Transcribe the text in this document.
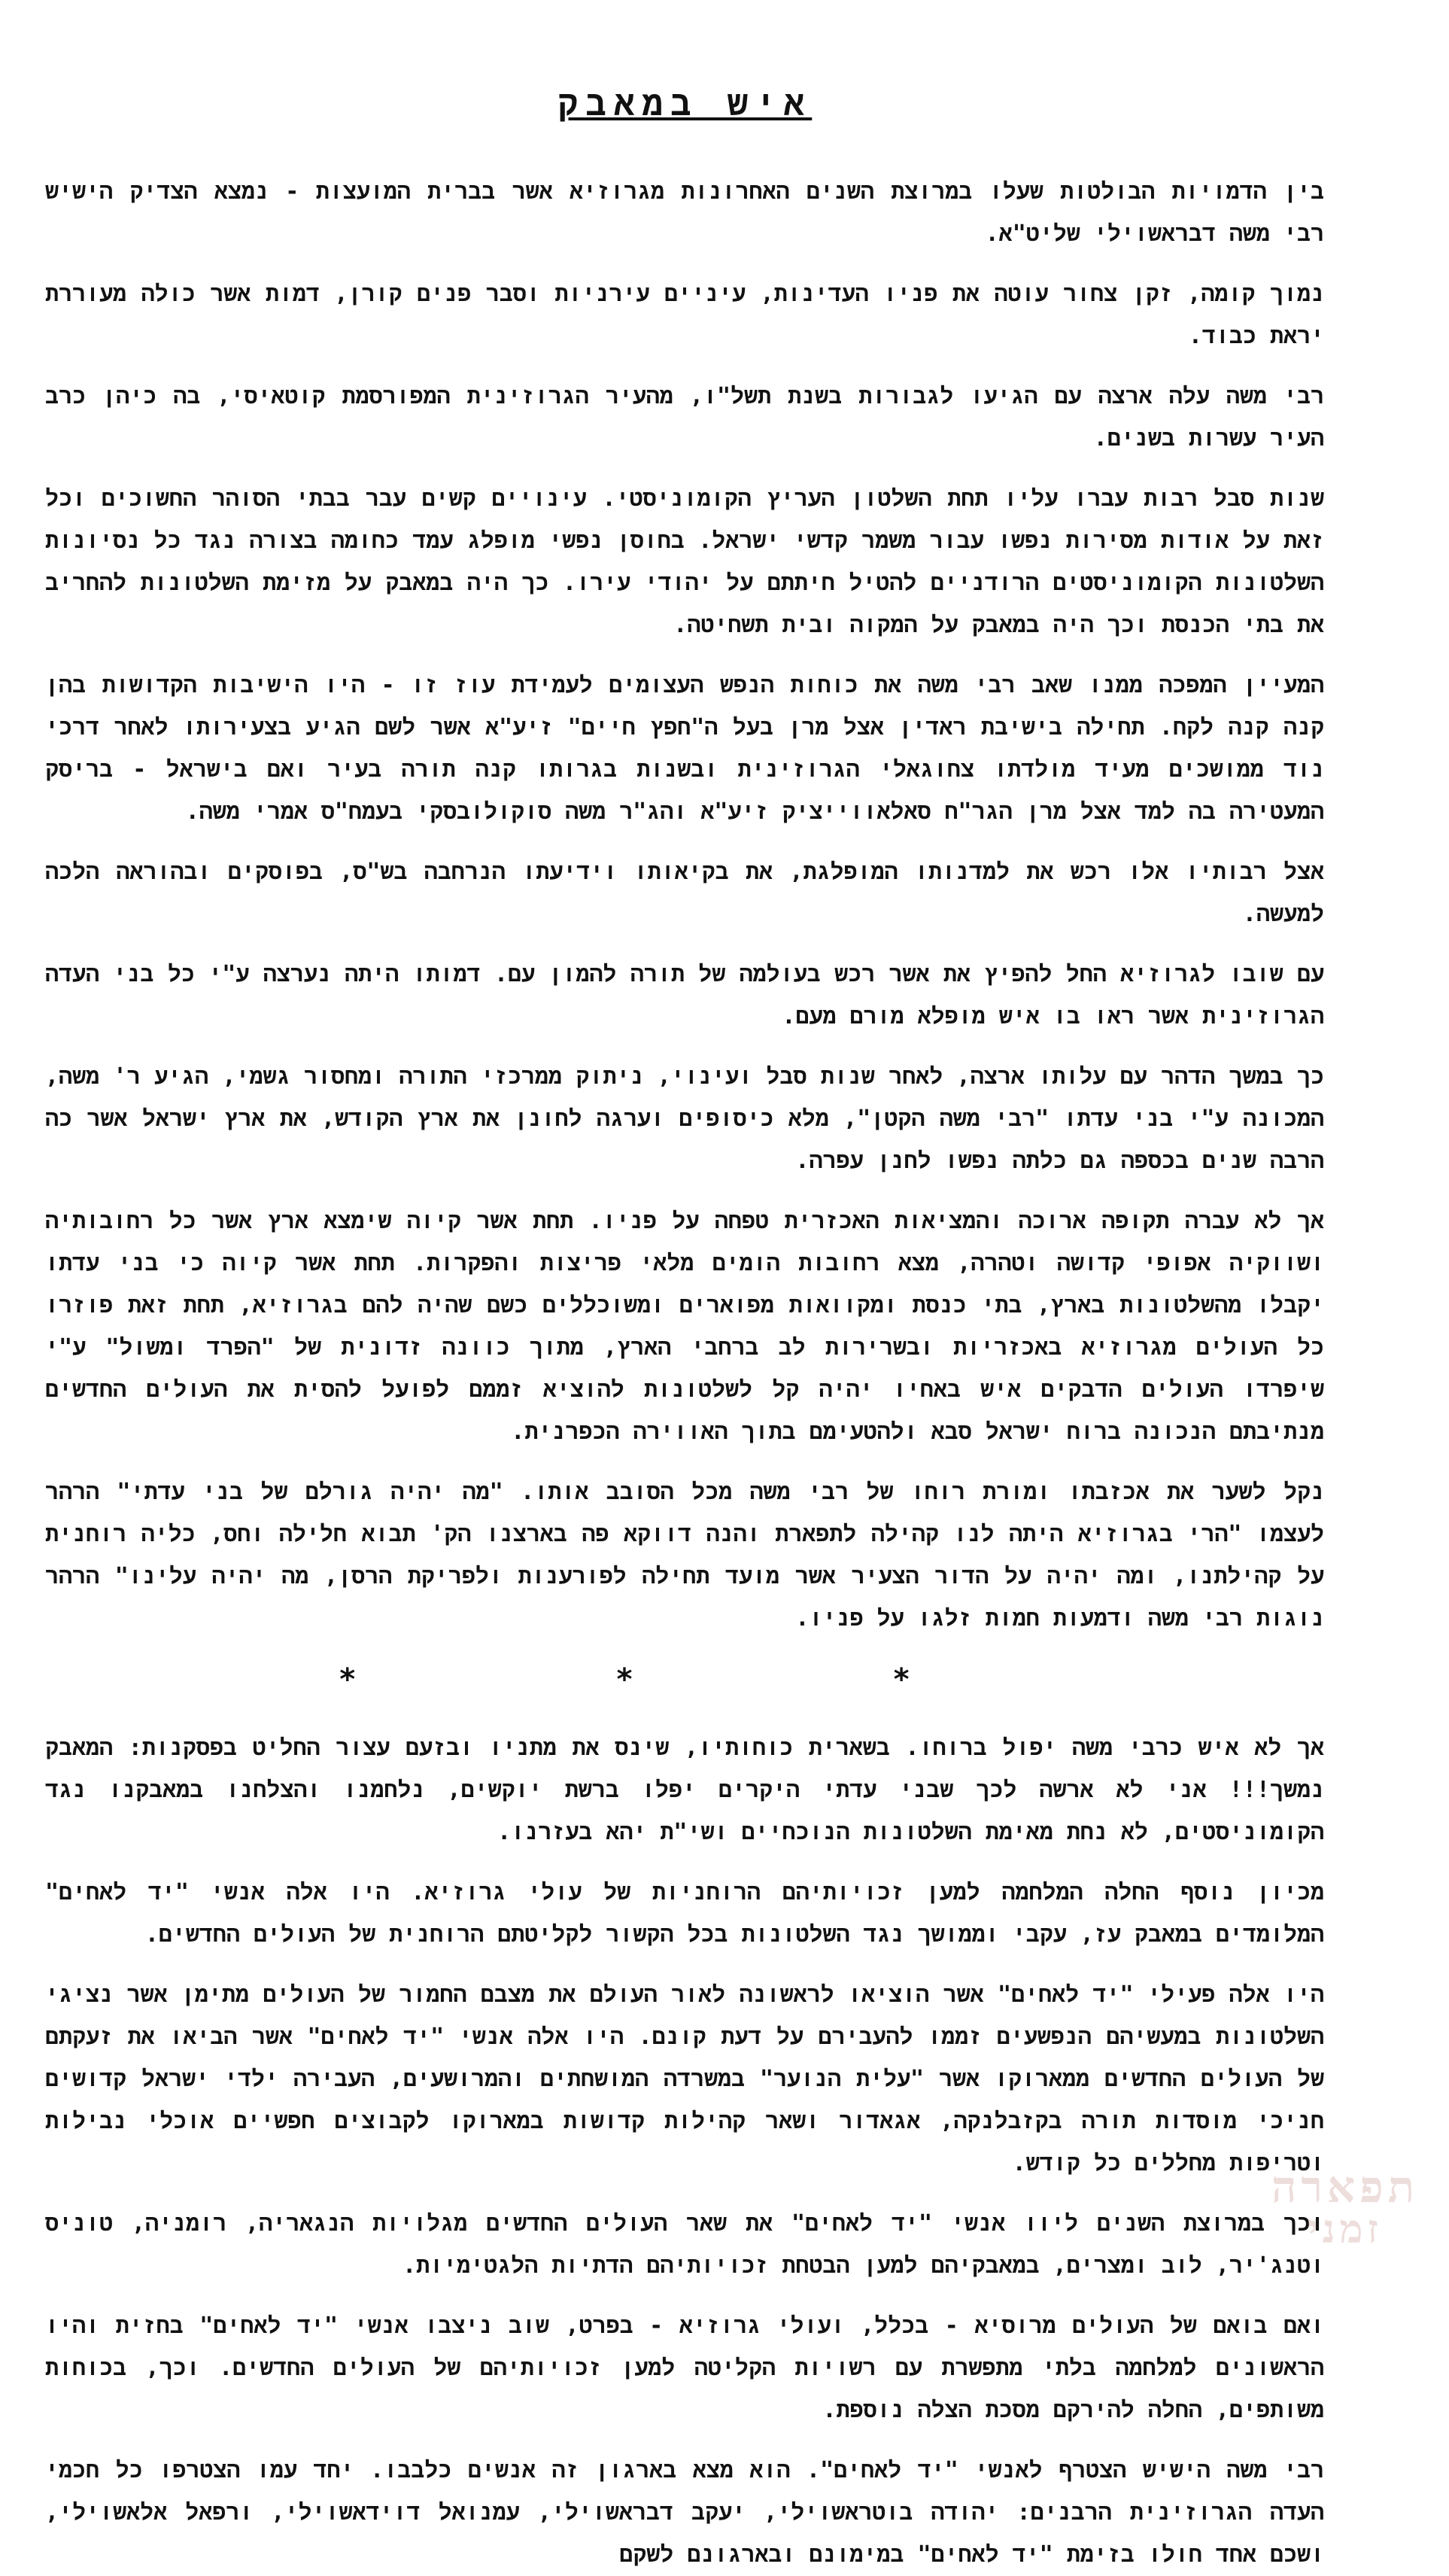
איש במאבק

בין הדמויות הבולטות שעלו במרוצת השנים האחרונות מגרוזיא אשר בברית המועצות - נמצא הצדיק הישיש רבי משה דבראשוילי שליט"א.

נמוך קומה, זקן צחור עוטה את פניו העדינות, עיניים עירניות וסבר פנים קורן, דמות אשר כולה מעוררת יראת כבוד.

רבי משה עלה ארצה עם הגיעו לגבורות בשנת תשל"ו, מהעיר הגרוזינית המפורסמת קוטאיסי, בה כיהן כרב העיר עשרות בשנים.

שנות סבל רבות עברו עליו תחת השלטון העריץ הקומוניסטי. עינויים קשים עבר בבתי הסוהר החשוכים וכל זאת על אודות מסירות נפשו עבור משמר קדשי ישראל. בחוסן נפשי מופלג עמד כחומה בצורה נגד כל נסיונות השלטונות הקומוניסטים הרודניים להטיל חיתתם על יהודי עירו. כך היה במאבק על מזימת השלטונות להחריב את בתי הכנסת וכך היה במאבק על המקוה ובית תשחיטה.

המעיין המפכה ממנו שאב רבי משה את כוחות הנפש העצומים לעמידת עוז זו - היו הישיבות הקדושות בהן קנה קנה לקח. תחילה בישיבת ראדין אצל מרן בעל ה"חפץ חיים" זיע"א אשר לשם הגיע בצעירותו לאחר דרכי נוד ממושכים מעיד מולדתו צחוגאלי הגרוזינית ובשנות בגרותו קנה תורה בעיר ואם בישראל - בריסק המעטירה בה למד אצל מרן הגר"ח סאלאווייציק זיע"א והג"ר משה סוקולובסקי בעמח"ס אמרי משה.

אצל רבותיו אלו רכש את למדנותו המופלגת, את בקיאותו וידיעתו הנרחבה בש"ס, בפוסקים ובהוראה הלכה למעשה.

עם שובו לגרוזיא החל להפיץ את אשר רכש בעולמה של תורה להמון עם. דמותו היתה נערצה ע"י כל בני העדה הגרוזינית אשר ראו בו איש מופלא מורם מעם.

כך במשך הדהר עם עלותו ארצה, לאחר שנות סבל ועינוי, ניתוק ממרכזי התורה ומחסור גשמי, הגיע ר' משה, המכונה ע"י בני עדתו "רבי משה הקטן", מלא כיסופים וערגה לחונן את ארץ הקודש, את ארץ ישראל אשר כה הרבה שנים בכספה גם כלתה נפשו לחנן עפרה.

אך לא עברה תקופה ארוכה והמציאות האכזרית טפחה על פניו. תחת אשר קיוה שימצא ארץ אשר כל רחובותיה ושווקיה אפופי קדושה וטהרה, מצא רחובות הומים מלאי פריצות והפקרות. תחת אשר קיוה כי בני עדתו יקבלו מהשלטונות בארץ, בתי כנסת ומקוואות מפוארים ומשוכללים כשם שהיה להם בגרוזיא, תחת זאת פוזרו כל העולים מגרוזיא באכזריות ובשרירות לב ברחבי הארץ, מתוך כוונה זדונית של "הפרד ומשול" ע"י שיפרדו העולים הדבקים איש באחיו יהיה קל לשלטונות להוציא זממם לפועל להסית את העולים החדשים מנתיבתם הנכונה ברוח ישראל סבא ולהטעימם בתוך האווירה הכפרנית.

נקל לשער את אכזבתו ומורת רוחו של רבי משה מכל הסובב אותו. "מה יהיה גורלם של בני עדתי" הרהר לעצמו "הרי בגרוזיא היתה לנו קהילה לתפארת והנה דווקא פה בארצנו הק' תבוא חלילה וחס, כליה רוחנית על קהילתנו, ומה יהיה על הדור הצעיר אשר מועד תחילה לפורענות ולפריקת הרסן, מה יהיה עלינו" הרהר נוגות רבי משה ודמעות חמות זלגו על פניו.

* * *

אך לא איש כרבי משה יפול ברוחו. בשארית כוחותיו, שינס את מתניו ובזעם עצור החליט בפסקנות: המאבק נמשך!!! אני לא ארשה לכך שבני עדתי היקרים יפלו ברשת יוקשים, נלחמנו והצלחנו במאבקנו נגד הקומוניסטים, לא נחת מאימת השלטונות הנוכחיים ושי"ת יהא בעזרנו.

מכיון נוסף החלה המלחמה למען זכויותיהם הרוחניות של עולי גרוזיא. היו אלה אנשי "יד לאחים" המלומדים במאבק עז, עקבי וממושך נגד השלטונות בכל הקשור לקליטתם הרוחנית של העולים החדשים.

היו אלה פעילי "יד לאחים" אשר הוציאו לראשונה לאור העולם את מצבם החמור של העולים מתימן אשר נציגי השלטונות במעשיהם הנפשעים זממו להעבירם על דעת קונם. היו אלה אנשי "יד לאחים" אשר הביאו את זעקתם של העולים החדשים ממארוקו אשר "עלית הנוער" במשרדה המושחתים והמרושעים, העבירה ילדי ישראל קדושים חניכי מוסדות תורה בקזבלנקה, אגאדור ושאר קהילות קדושות במארוקו לקבוצים חפשיים אוכלי נבילות וטריפות מחללים כל קודש.

וכך במרוצת השנים ליוו אנשי "יד לאחים" את שאר העולים החדשים מגלויות הנגאריה, רומניה, טוניס וטנג'יר, לוב ומצרים, במאבקיהם למען הבטחת זכויותיהם הדתיות הלגטימיות.

ואם בואם של העולים מרוסיא - בכלל, ועולי גרוזיא - בפרט, שוב ניצבו אנשי "יד לאחים" בחזית והיו הראשונים למלחמה בלתי מתפשרת עם רשויות הקליטה למען זכויותיהם של העולים החדשים. וכך, בכוחות משותפים, החלה להירקם מסכת הצלה נוספת.

רבי משה הישיש הצטרף לאנשי "יד לאחים". הוא מצא בארגון זה אנשים כלבבו. יחד עמו הצטרפו כל חכמי העדה הגרוזינית הרבנים: יהודה בוטראשוילי, יעקב דבראשוילי, עמנואל דוידאשוילי, ורפאל אלאשוילי, ושכם אחד חולו בזימת "יד לאחים" במימונם ובארגונם לשקם

תפארה
זמני
